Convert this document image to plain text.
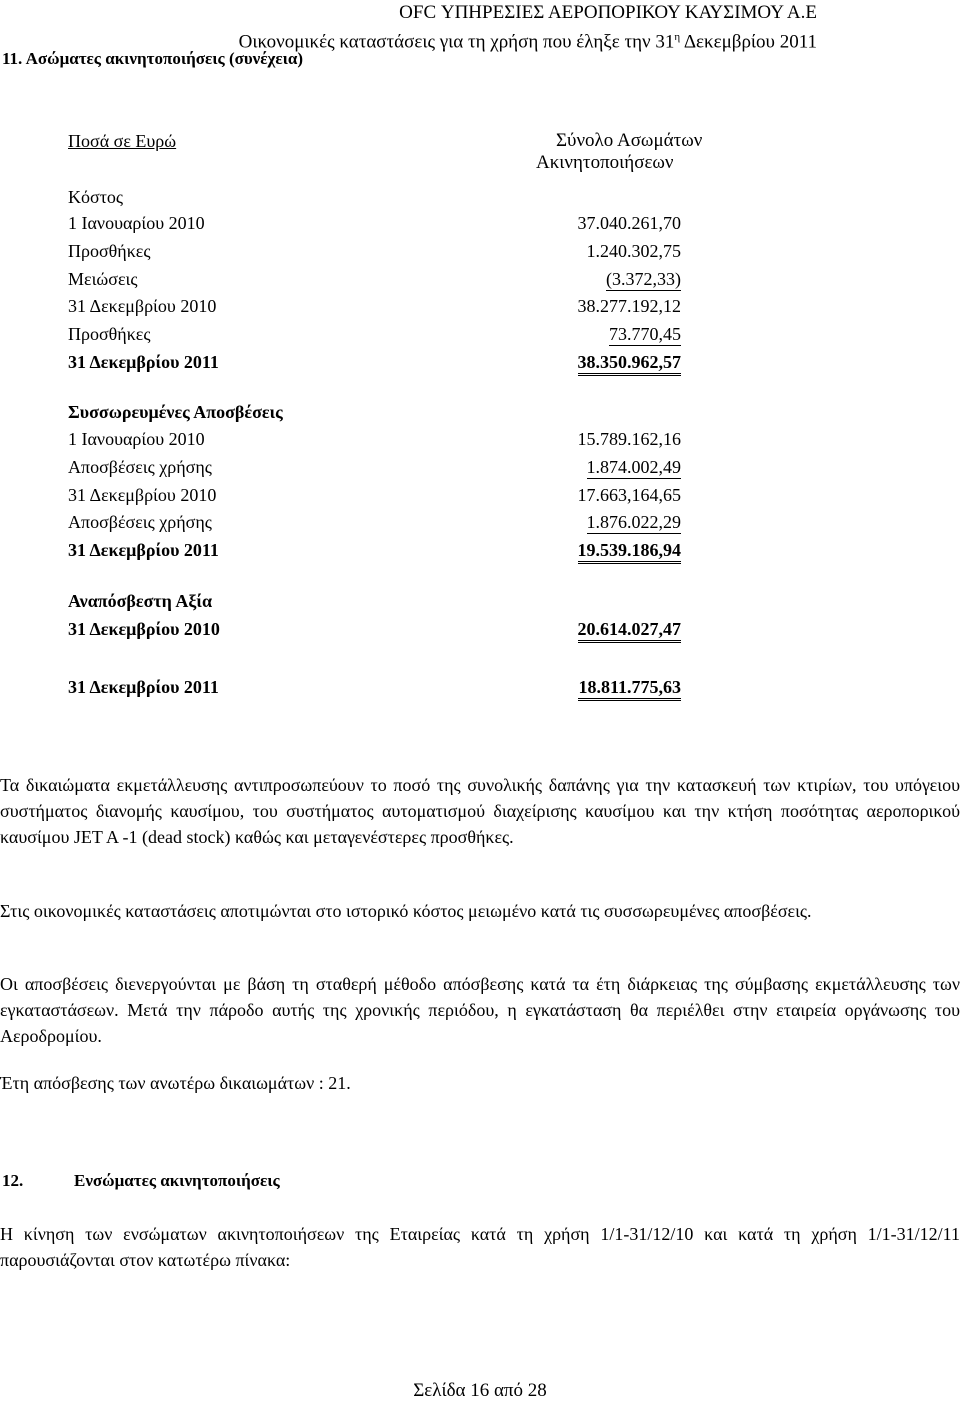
OFC ΥΠΗΡΕΣΙΕΣ ΑΕΡΟΠΟΡΙΚΟΥ ΚΑΥΣΙΜΟΥ Α.Ε
Οικονομικές καταστάσεις για τη χρήση που έληξε την $31^\eta$ Δεκεμβρίου 2011
11. Ασώματες ακινητοποιήσεις (συνέχεια)
Ποσά σε Ευρώ	Σύνολο Ασωμάτων
Ακινητοποιήσεων
Κόστος
1 Ιανουαρίου 2010	37.040.261,70
Προσθήκες	1.240.302,75
Μειώσεις	(3.372,33)
31 Δεκεμβρίου 2010	38.277.192,12
Προσθήκες	73.770,45
31 Δεκεμβρίου 2011	38.350.962,57
Συσσωρευμένες Αποσβέσεις
1 Ιανουαρίου 2010	15.789.162,16
Αποσβέσεις χρήσης	1.874.002,49
31 Δεκεμβρίου 2010	17.663,164,65
Αποσβέσεις χρήσης	1.876.022,29
31 Δεκεμβρίου 2011	19.539.186,94
Αναπόσβεστη Αξία
31 Δεκεμβρίου 2010	20.614.027,47
31 Δεκεμβρίου 2011	18.811.775,63

Τα δικαιώματα εκμετάλλευσης αντιπροσωπεύουν το ποσό της συνολικής δαπάνης για την κατασκευή των κτιρίων, του υπόγειου συστήματος διανομής καυσίμου, του συστήματος αυτοματισμού διαχείρισης καυσίμου και την κτήση ποσότητας αεροπορικού καυσίμου JET A -1 (dead stock) καθώς και μεταγενέστερες προσθήκες.

Στις οικονομικές καταστάσεις αποτιμώνται στο ιστορικό κόστος μειωμένο κατά τις συσσωρευμένες αποσβέσεις.

Οι αποσβέσεις διενεργούνται με βάση τη σταθερή μέθοδο απόσβεσης κατά τα έτη διάρκειας της σύμβασης εκμετάλλευσης των εγκαταστάσεων. Μετά την πάροδο αυτής της χρονικής περιόδου, η εγκατάσταση θα περιέλθει στην εταιρεία οργάνωσης του Αεροδρομίου.

Έτη απόσβεσης των ανωτέρω δικαιωμάτων : 21.

12.	Ενσώματες ακινητοποιήσεις

Η κίνηση των ενσώματων ακινητοποιήσεων της Εταιρείας κατά τη χρήση 1/1-31/12/10 και κατά τη χρήση 1/1-31/12/11 παρουσιάζονται στον κατωτέρω πίνακα:

Σελίδα 16 από 28
